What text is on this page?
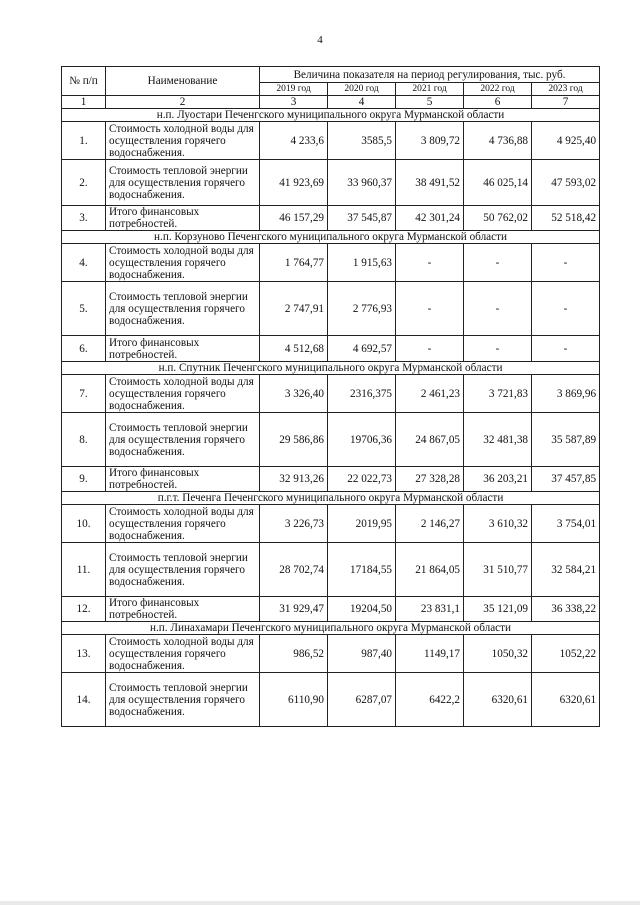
4
№ п/п	Наименование	Величина показателя на период регулирования, тыс. руб.				
		2019 год	2020 год	2021 год	2022 год	2023 год
1	2	3	4	5	6	7
н.п. Луостари Печенгского муниципального округа Мурманской области						
1.	Стоимость холодной воды для осуществления горячего водоснабжения.	4 233,6	3585,5	3 809,72	4 736,88	4 925,40
2.	Стоимость тепловой энергии для осуществления горячего водоснабжения.	41 923,69	33 960,37	38 491,52	46 025,14	47 593,02
3.	Итого финансовых потребностей.	46 157,29	37 545,87	42 301,24	50 762,02	52 518,42
н.п. Корзуново Печенгского муниципального округа Мурманской области						
4.	Стоимость холодной воды для осуществления горячего водоснабжения.	1 764,77	1 915,63	-	-	-
5.	Стоимость тепловой энергии для осуществления горячего водоснабжения.	2 747,91	2 776,93	-	-	-
6.	Итого финансовых потребностей.	4 512,68	4 692,57	-	-	-
н.п. Спутник Печенгского муниципального округа Мурманской области						
7.	Стоимость холодной воды для осуществления горячего водоснабжения.	3 326,40	2316,375	2 461,23	3 721,83	3 869,96
8.	Стоимость тепловой энергии для осуществления горячего водоснабжения.	29 586,86	19706,36	24 867,05	32 481,38	35 587,89
9.	Итого финансовых потребностей.	32 913,26	22 022,73	27 328,28	36 203,21	37 457,85
п.г.т. Печенга Печенгского муниципального округа Мурманской области						
10.	Стоимость холодной воды для осуществления горячего водоснабжения.	3 226,73	2019,95	2 146,27	3 610,32	3 754,01
11.	Стоимость тепловой энергии для осуществления горячего водоснабжения.	28 702,74	17184,55	21 864,05	31 510,77	32 584,21
12.	Итого финансовых потребностей.	31 929,47	19204,50	23 831,1	35 121,09	36 338,22
н.п. Линахамари Печенгского муниципального округа Мурманской области						
13.	Стоимость холодной воды для осуществления горячего водоснабжения.	986,52	987,40	1149,17	1050,32	1052,22
14.	Стоимость тепловой энергии для осуществления горячего водоснабжения.	6110,90	6287,07	6422,2	6320,61	6320,61
